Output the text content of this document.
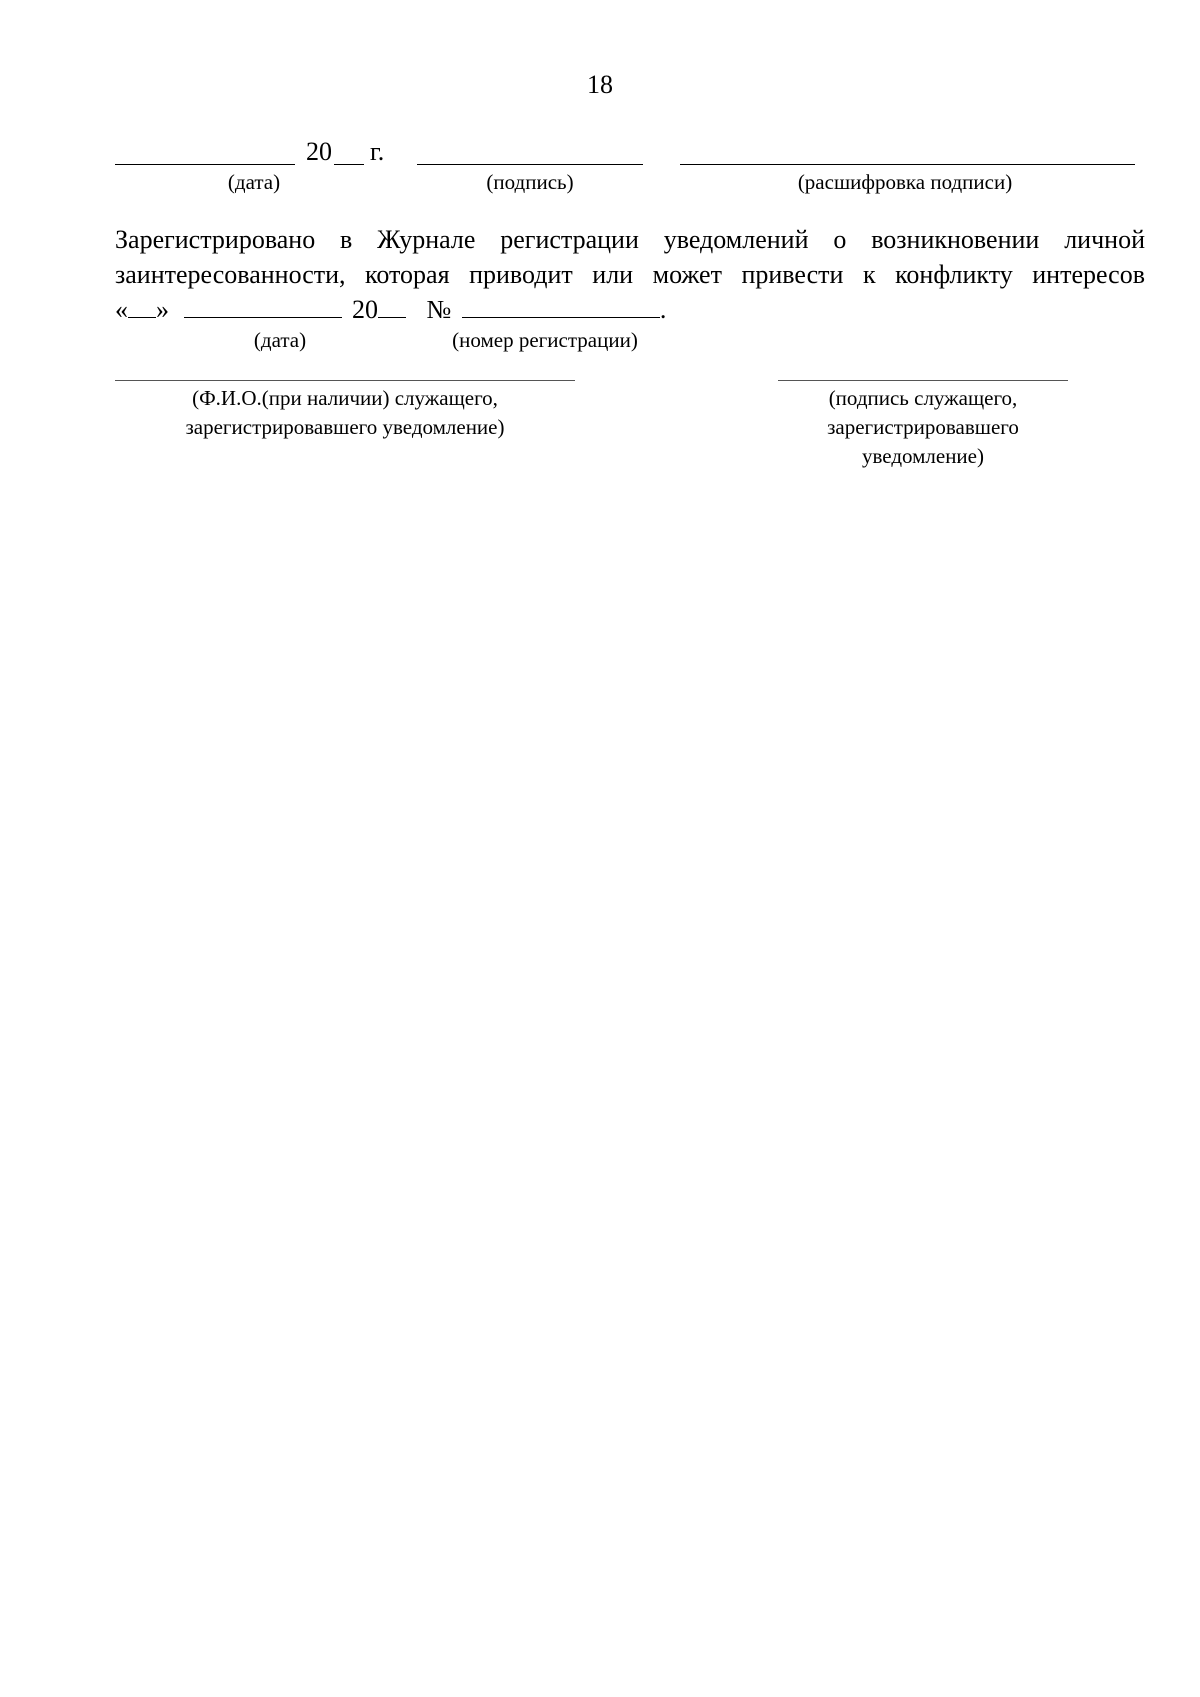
18
20 г.
(дата)	(подпись)	(расшифровка подписи)
Зарегистрировано в Журнале регистрации уведомлений о возникновении личной
заинтересованности, которая приводит или может привести к конфликту интересов
« »	20 №	.
(дата)	(номер регистрации)
(Ф.И.О.(при наличии) служащего,
зарегистрировавшего уведомление)
(подпись служащего,
зарегистрировавшего
уведомление)
